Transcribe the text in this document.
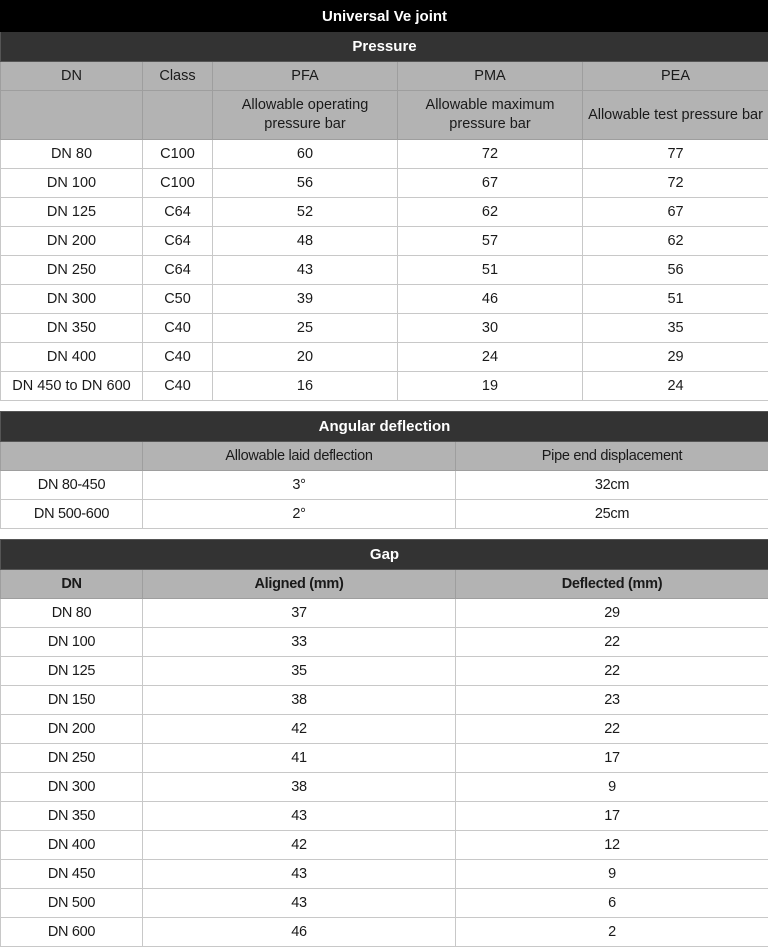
Universal Ve joint				
Pressure				
DN	Class	PFA	PMA	PEA
		Allowable operating pressure bar	Allowable maximum pressure bar	Allowable test pressure bar
DN 80	C100	60	72	77
DN 100	C100	56	67	72
DN 125	C64	52	62	67
DN 200	C64	48	57	62
DN 250	C64	43	51	56
DN 300	C50	39	46	51
DN 350	C40	25	30	35
DN 400	C40	20	24	29
DN 450 to DN 600	C40	16	19	24
Angular deflection		
	Allowable laid deflection	Pipe end displacement
DN 80-450	3°	32cm
DN 500-600	2°	25cm
Gap		
DN	Aligned (mm)	Deflected (mm)
DN 80	37	29
DN 100	33	22
DN 125	35	22
DN 150	38	23
DN 200	42	22
DN 250	41	17
DN 300	38	9
DN 350	43	17
DN 400	42	12
DN 450	43	9
DN 500	43	6
DN 600	46	2
